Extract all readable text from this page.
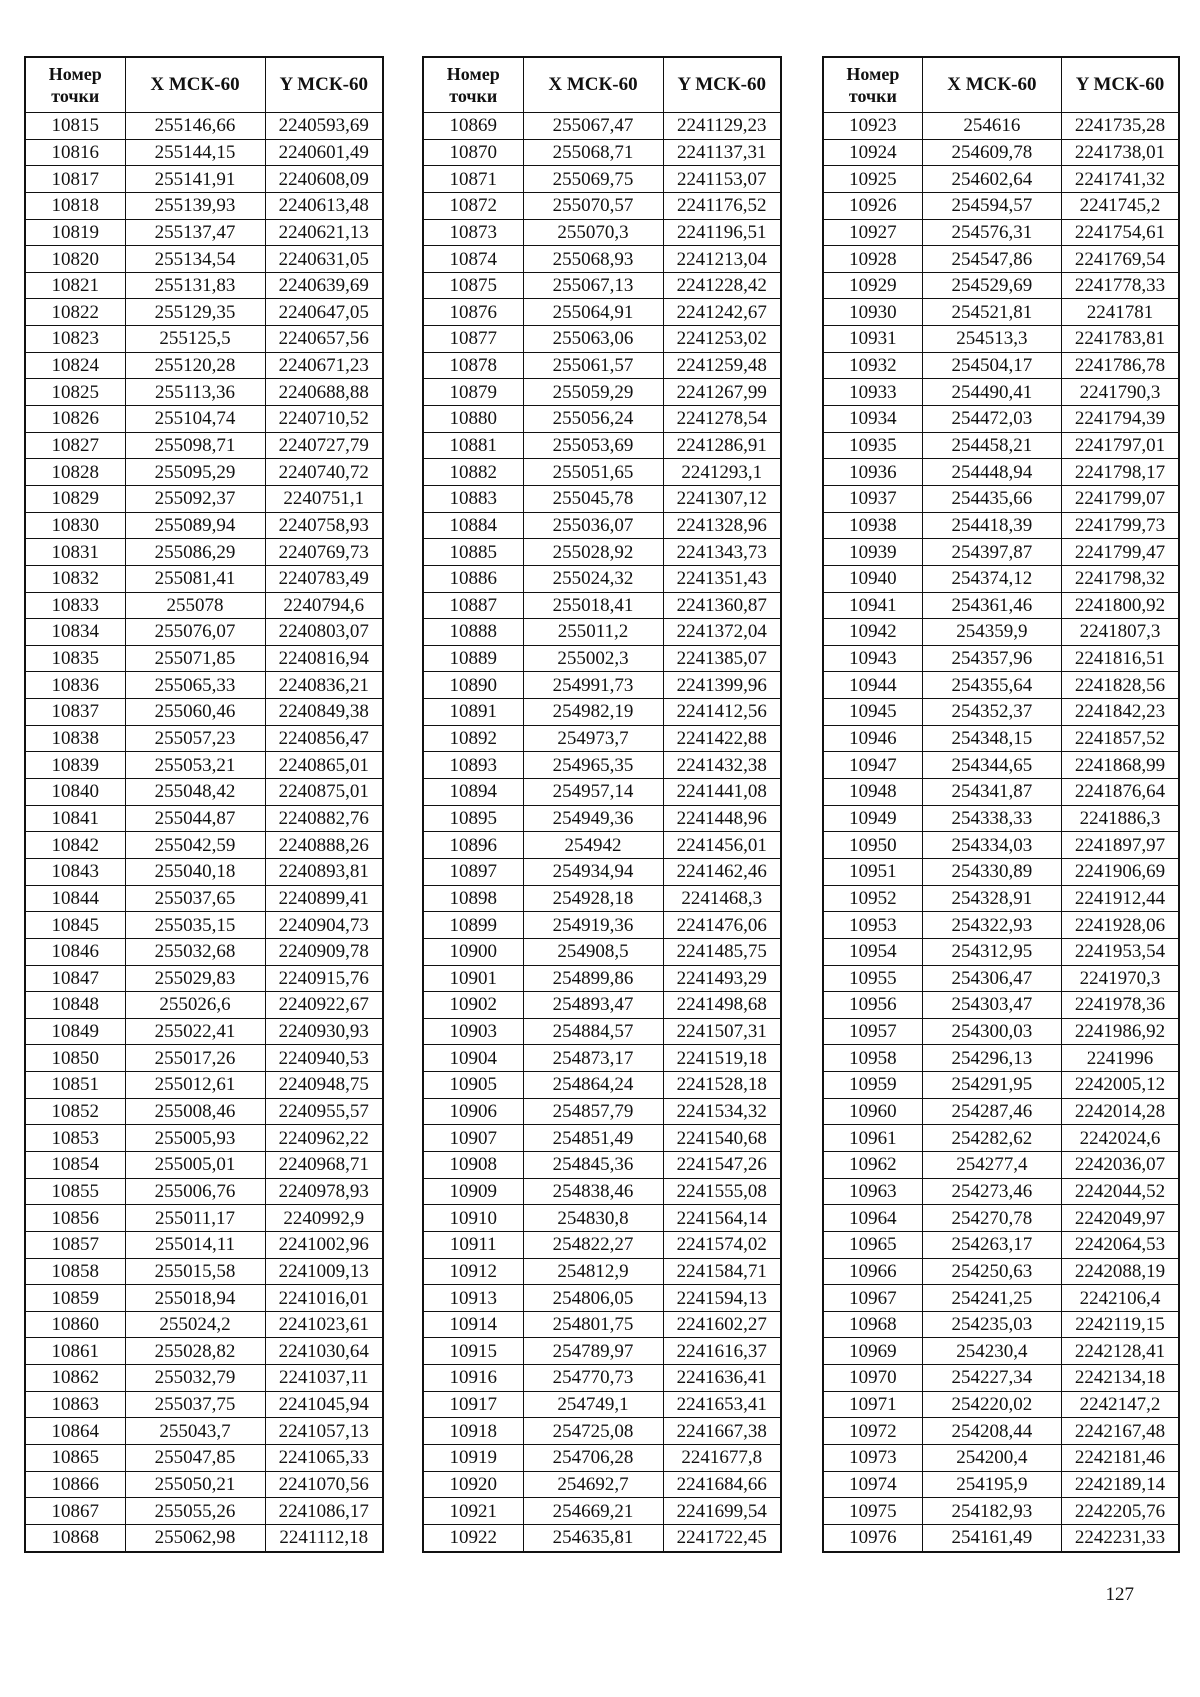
Номер точки	X МСК-60	Y МСК-60
10815	255146,66	2240593,69
10816	255144,15	2240601,49
10817	255141,91	2240608,09
10818	255139,93	2240613,48
10819	255137,47	2240621,13
10820	255134,54	2240631,05
10821	255131,83	2240639,69
10822	255129,35	2240647,05
10823	255125,5	2240657,56
10824	255120,28	2240671,23
10825	255113,36	2240688,88
10826	255104,74	2240710,52
10827	255098,71	2240727,79
10828	255095,29	2240740,72
10829	255092,37	2240751,1
10830	255089,94	2240758,93
10831	255086,29	2240769,73
10832	255081,41	2240783,49
10833	255078	2240794,6
10834	255076,07	2240803,07
10835	255071,85	2240816,94
10836	255065,33	2240836,21
10837	255060,46	2240849,38
10838	255057,23	2240856,47
10839	255053,21	2240865,01
10840	255048,42	2240875,01
10841	255044,87	2240882,76
10842	255042,59	2240888,26
10843	255040,18	2240893,81
10844	255037,65	2240899,41
10845	255035,15	2240904,73
10846	255032,68	2240909,78
10847	255029,83	2240915,76
10848	255026,6	2240922,67
10849	255022,41	2240930,93
10850	255017,26	2240940,53
10851	255012,61	2240948,75
10852	255008,46	2240955,57
10853	255005,93	2240962,22
10854	255005,01	2240968,71
10855	255006,76	2240978,93
10856	255011,17	2240992,9
10857	255014,11	2241002,96
10858	255015,58	2241009,13
10859	255018,94	2241016,01
10860	255024,2	2241023,61
10861	255028,82	2241030,64
10862	255032,79	2241037,11
10863	255037,75	2241045,94
10864	255043,7	2241057,13
10865	255047,85	2241065,33
10866	255050,21	2241070,56
10867	255055,26	2241086,17
10868	255062,98	2241112,18
Номер точки	X МСК-60	Y МСК-60
10869	255067,47	2241129,23
10870	255068,71	2241137,31
10871	255069,75	2241153,07
10872	255070,57	2241176,52
10873	255070,3	2241196,51
10874	255068,93	2241213,04
10875	255067,13	2241228,42
10876	255064,91	2241242,67
10877	255063,06	2241253,02
10878	255061,57	2241259,48
10879	255059,29	2241267,99
10880	255056,24	2241278,54
10881	255053,69	2241286,91
10882	255051,65	2241293,1
10883	255045,78	2241307,12
10884	255036,07	2241328,96
10885	255028,92	2241343,73
10886	255024,32	2241351,43
10887	255018,41	2241360,87
10888	255011,2	2241372,04
10889	255002,3	2241385,07
10890	254991,73	2241399,96
10891	254982,19	2241412,56
10892	254973,7	2241422,88
10893	254965,35	2241432,38
10894	254957,14	2241441,08
10895	254949,36	2241448,96
10896	254942	2241456,01
10897	254934,94	2241462,46
10898	254928,18	2241468,3
10899	254919,36	2241476,06
10900	254908,5	2241485,75
10901	254899,86	2241493,29
10902	254893,47	2241498,68
10903	254884,57	2241507,31
10904	254873,17	2241519,18
10905	254864,24	2241528,18
10906	254857,79	2241534,32
10907	254851,49	2241540,68
10908	254845,36	2241547,26
10909	254838,46	2241555,08
10910	254830,8	2241564,14
10911	254822,27	2241574,02
10912	254812,9	2241584,71
10913	254806,05	2241594,13
10914	254801,75	2241602,27
10915	254789,97	2241616,37
10916	254770,73	2241636,41
10917	254749,1	2241653,41
10918	254725,08	2241667,38
10919	254706,28	2241677,8
10920	254692,7	2241684,66
10921	254669,21	2241699,54
10922	254635,81	2241722,45
Номер точки	X МСК-60	Y МСК-60
10923	254616	2241735,28
10924	254609,78	2241738,01
10925	254602,64	2241741,32
10926	254594,57	2241745,2
10927	254576,31	2241754,61
10928	254547,86	2241769,54
10929	254529,69	2241778,33
10930	254521,81	2241781
10931	254513,3	2241783,81
10932	254504,17	2241786,78
10933	254490,41	2241790,3
10934	254472,03	2241794,39
10935	254458,21	2241797,01
10936	254448,94	2241798,17
10937	254435,66	2241799,07
10938	254418,39	2241799,73
10939	254397,87	2241799,47
10940	254374,12	2241798,32
10941	254361,46	2241800,92
10942	254359,9	2241807,3
10943	254357,96	2241816,51
10944	254355,64	2241828,56
10945	254352,37	2241842,23
10946	254348,15	2241857,52
10947	254344,65	2241868,99
10948	254341,87	2241876,64
10949	254338,33	2241886,3
10950	254334,03	2241897,97
10951	254330,89	2241906,69
10952	254328,91	2241912,44
10953	254322,93	2241928,06
10954	254312,95	2241953,54
10955	254306,47	2241970,3
10956	254303,47	2241978,36
10957	254300,03	2241986,92
10958	254296,13	2241996
10959	254291,95	2242005,12
10960	254287,46	2242014,28
10961	254282,62	2242024,6
10962	254277,4	2242036,07
10963	254273,46	2242044,52
10964	254270,78	2242049,97
10965	254263,17	2242064,53
10966	254250,63	2242088,19
10967	254241,25	2242106,4
10968	254235,03	2242119,15
10969	254230,4	2242128,41
10970	254227,34	2242134,18
10971	254220,02	2242147,2
10972	254208,44	2242167,48
10973	254200,4	2242181,46
10974	254195,9	2242189,14
10975	254182,93	2242205,76
10976	254161,49	2242231,33
127
